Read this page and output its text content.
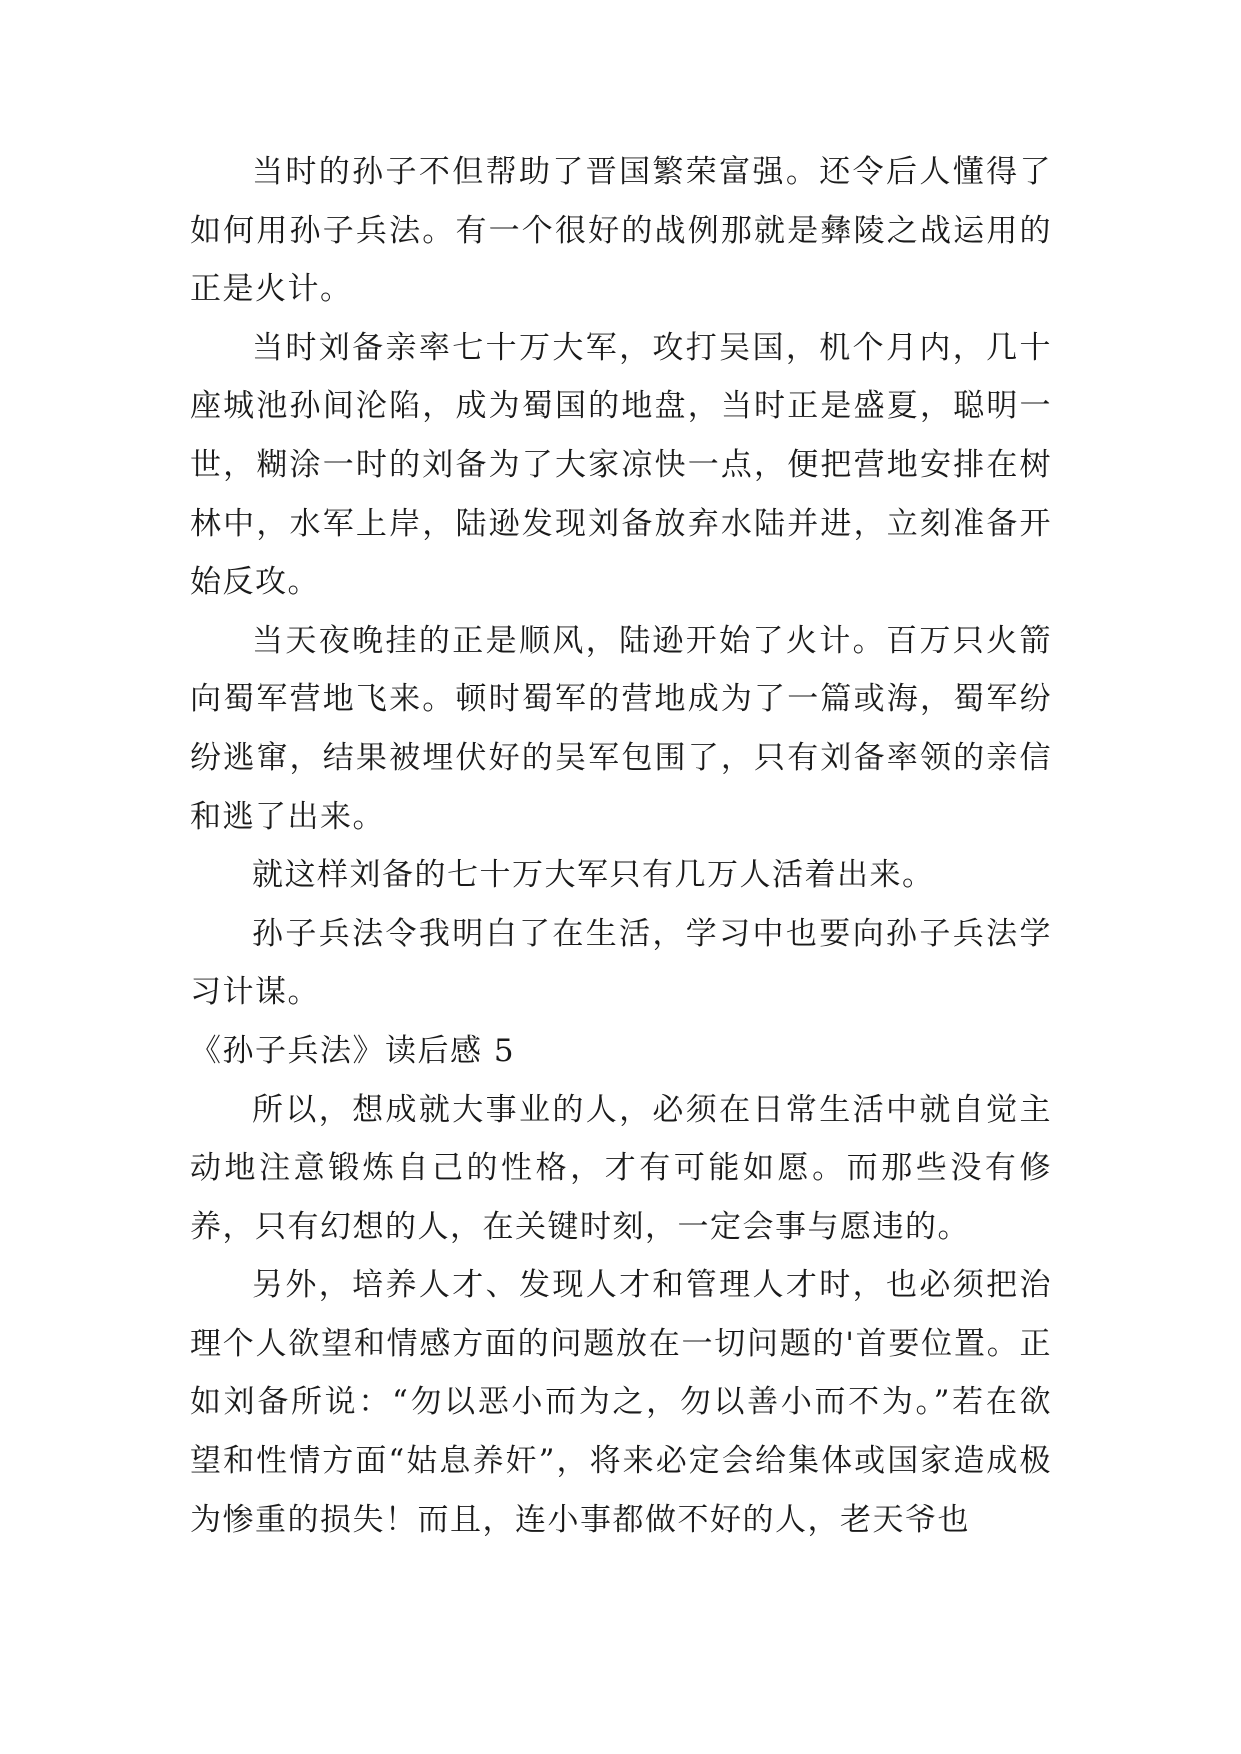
当时的孙子不但帮助了晋国繁荣富强。还令后人懂得了如何用孙子兵法。有一个很好的战例那就是彝陵之战运用的正是火计。

当时刘备亲率七十万大军，攻打吴国，机个月内，几十座城池孙间沦陷，成为蜀国的地盘，当时正是盛夏，聪明一世，糊涂一时的刘备为了大家凉快一点，便把营地安排在树林中，水军上岸，陆逊发现刘备放弃水陆并进，立刻准备开始反攻。

当天夜晚挂的正是顺风，陆逊开始了火计。百万只火箭向蜀军营地飞来。顿时蜀军的营地成为了一篇或海，蜀军纷纷逃窜，结果被埋伏好的吴军包围了，只有刘备率领的亲信和逃了出来。

就这样刘备的七十万大军只有几万人活着出来。

孙子兵法令我明白了在生活，学习中也要向孙子兵法学习计谋。

《孙子兵法》读后感 5

所以，想成就大事业的人，必须在日常生活中就自觉主动地注意锻炼自己的性格，才有可能如愿。而那些没有修养，只有幻想的人，在关键时刻，一定会事与愿违的。

另外，培养人才、发现人才和管理人才时，也必须把治理个人欲望和情感方面的问题放在一切问题的'首要位置。正如刘备所说：“勿以恶小而为之，勿以善小而不为。”若在欲望和性情方面“姑息养奸”，将来必定会给集体或国家造成极为惨重的损失！而且，连小事都做不好的人，老天爷也
